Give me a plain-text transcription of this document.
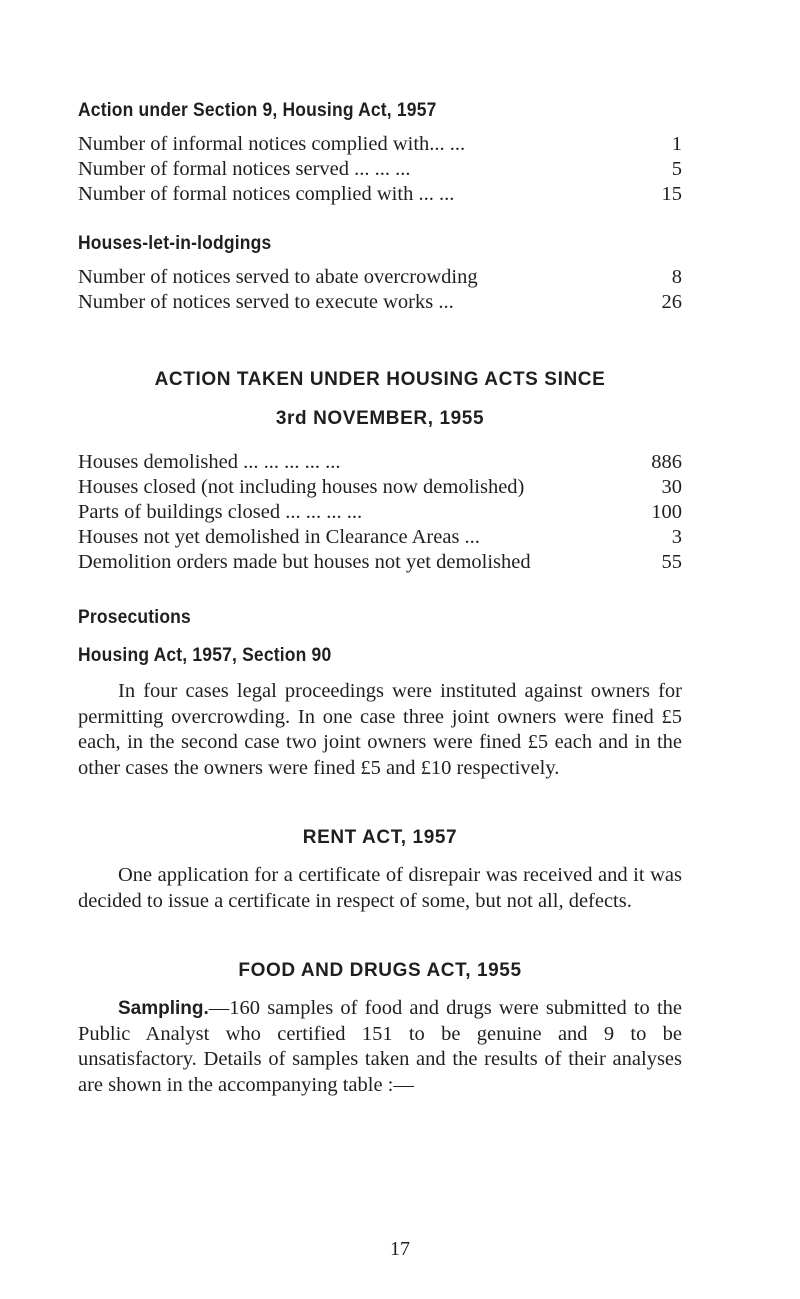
Action under Section 9, Housing Act, 1957
Number of informal notices complied with... ...	1
Number of formal notices served ... ... ...	5
Number of formal notices complied with ... ...	15
Houses-let-in-lodgings
Number of notices served to abate overcrowding	8
Number of notices served to execute works ...	26
ACTION TAKEN UNDER HOUSING ACTS SINCE
3rd NOVEMBER, 1955
Houses demolished ... ... ... ... ...	886
Houses closed (not including houses now demolished)	30
Parts of buildings closed ... ... ... ...	100
Houses not yet demolished in Clearance Areas ...	3
Demolition orders made but houses not yet demolished	55
Prosecutions
Housing Act, 1957, Section 90

In four cases legal proceedings were instituted against owners for permitting overcrowding. In one case three joint owners were fined £5 each, in the second case two joint owners were fined £5 each and in the other cases the owners were fined £5 and £10 respectively.

RENT ACT, 1957

One application for a certificate of disrepair was received and it was decided to issue a certificate in respect of some, but not all, defects.

FOOD AND DRUGS ACT, 1955

Sampling.—160 samples of food and drugs were submitted to the Public Analyst who certified 151 to be genuine and 9 to be unsatisfactory. Details of samples taken and the results of their analyses are shown in the accompanying table :—

17
